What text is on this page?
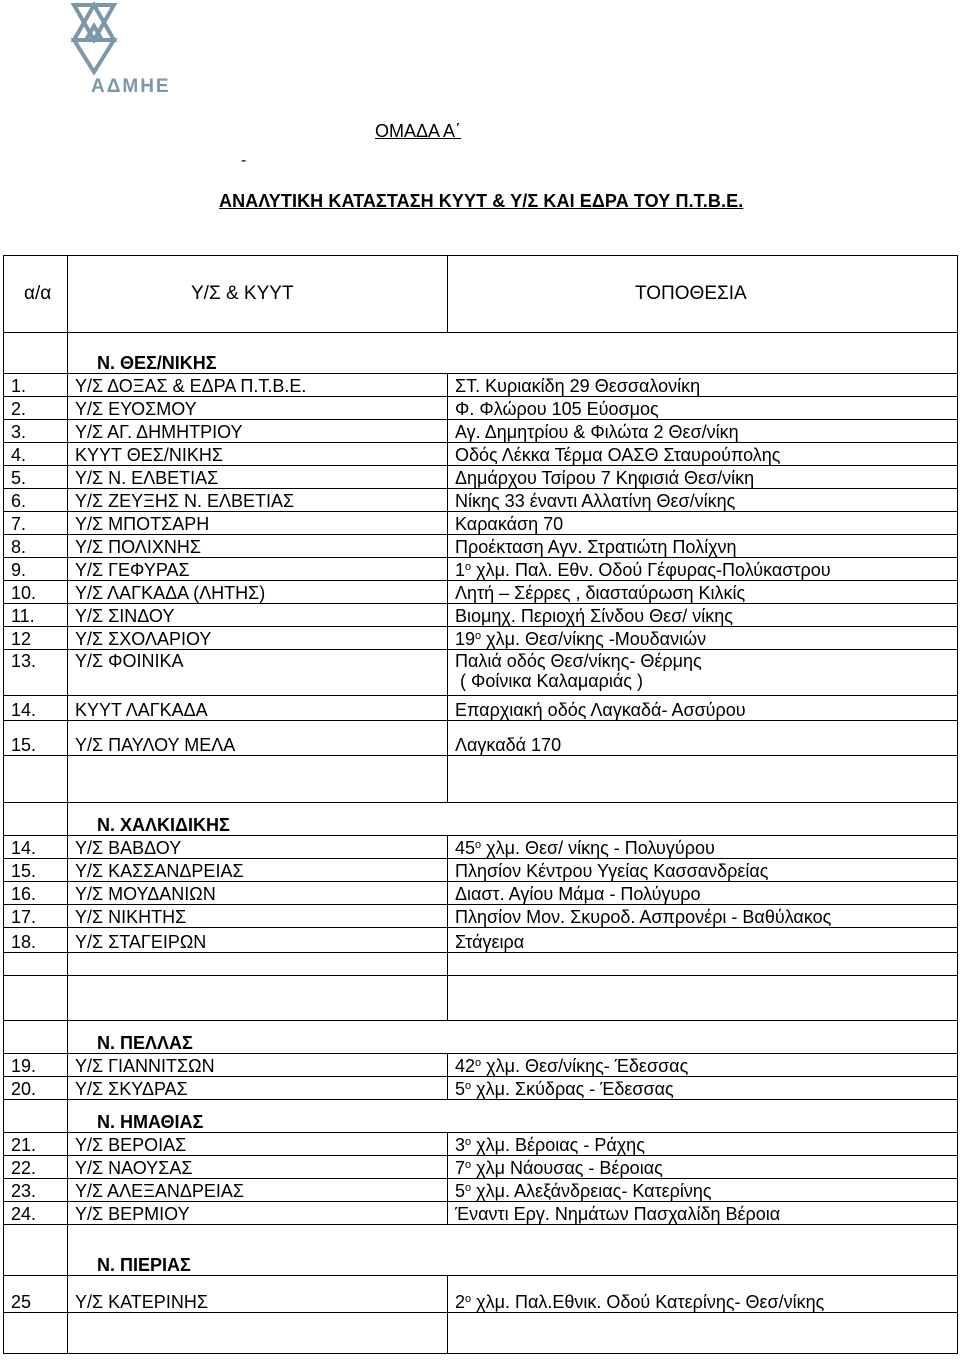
ΑΔΜΗΕ
ΟΜΑΔΑ Α΄
-
ΑΝΑΛΥΤΙΚΗ ΚΑΤΑΣΤΑΣΗ ΚΥΥΤ & Υ/Σ ΚΑΙ ΕΔΡΑ ΤΟΥ Π.Τ.Β.Ε.
α/α	Υ/Σ & ΚΥΥΤ	ΤΟΠΟΘΕΣΙΑ
	Ν. ΘΕΣ/ΝΙΚΗΣ	
1.	Υ/Σ ΔΟΞΑΣ & ΕΔΡΑ Π.Τ.Β.Ε.	ΣΤ. Κυριακίδη 29 Θεσσαλονίκη
2.	Υ/Σ ΕΥΟΣΜΟΥ	Φ. Φλώρου 105 Εύοσμος
3.	Υ/Σ ΑΓ. ΔΗΜΗΤΡΙΟΥ	Αγ. Δημητρίου & Φιλώτα 2 Θεσ/νίκη
4.	ΚΥΥΤ ΘΕΣ/ΝΙΚΗΣ	Οδός Λέκκα Τέρμα ΟΑΣΘ Σταυρούπολης
5.	Υ/Σ Ν. ΕΛΒΕΤΙΑΣ	Δημάρχου Τσίρου 7 Κηφισιά Θεσ/νίκη
6.	Υ/Σ ΖΕΥΞΗΣ Ν. ΕΛΒΕΤΙΑΣ	Νίκης 33 έναντι Αλλατίνη Θεσ/νίκης
7.	Υ/Σ ΜΠΟΤΣΑΡΗ	Καρακάση 70
8.	Υ/Σ ΠΟΛΙΧΝΗΣ	Προέκταση Αγν. Στρατιώτη Πολίχνη
9.	Υ/Σ ΓΕΦΥΡΑΣ	$1^o$ χλμ. Παλ. Εθν. Οδού Γέφυρας-Πολύκαστρου
10.	Υ/Σ ΛΑΓΚΑΔΑ (ΛΗΤΗΣ)	Λητή – Σέρρες , διασταύρωση Κιλκίς
11.	Υ/Σ ΣΙΝΔΟΥ	Βιομηχ. Περιοχή Σίνδου Θεσ/ νίκης
12	Υ/Σ ΣΧΟΛΑΡΙΟΥ	$19^o$ χλμ. Θεσ/νίκης -Μουδανιών
13.	Υ/Σ ΦΟΙΝΙΚΑ	Παλιά οδός Θεσ/νίκης- Θέρμης
( Φοίνικα Καλαμαριάς )

14.	ΚΥΥΤ ΛΑΓΚΑΔΑ	Επαρχιακή οδός Λαγκαδά- Ασσύρου
15.	Υ/Σ ΠΑΥΛΟΥ ΜΕΛΑ	Λαγκαδά 170

	Ν. ΧΑΛΚΙΔΙΚΗΣ	
14.	Υ/Σ ΒΑΒΔΟΥ	$45^o$ χλμ. Θεσ/ νίκης - Πολυγύρου
15.	Υ/Σ ΚΑΣΣΑΝΔΡΕΙΑΣ	Πλησίον Κέντρου Υγείας Κασσανδρείας
16.	Υ/Σ ΜΟΥΔΑΝΙΩΝ	Διαστ. Αγίου Μάμα - Πολύγυρο
17.	Υ/Σ ΝΙΚΗΤΗΣ	Πλησίον Μον. Σκυροδ. Ασπρονέρι - Βαθύλακος
18.	Υ/Σ ΣΤΑΓΕΙΡΩΝ	Στάγειρα

	Ν. ΠΕΛΛΑΣ	
19.	Υ/Σ ΓΙΑΝΝΙΤΣΩΝ	$42^o$ χλμ. Θεσ/νίκης- Έδεσσας
20.	Υ/Σ ΣΚΥΔΡΑΣ	$5^o$ χλμ. Σκύδρας - Έδεσσας
	Ν. ΗΜΑΘΙΑΣ	
21.	Υ/Σ ΒΕΡΟΙΑΣ	$3^o$ χλμ. Βέροιας - Ράχης
22.	Υ/Σ ΝΑΟΥΣΑΣ	$7^o$ χλμ Νάουσας - Βέροιας
23.	Υ/Σ ΑΛΕΞΑΝΔΡΕΙΑΣ	$5^o$ χλμ. Αλεξάνδρειας- Κατερίνης
24.	Υ/Σ ΒΕΡΜΙΟΥ	Έναντι Εργ. Νημάτων Πασχαλίδη Βέροια
	Ν. ΠΙΕΡΙΑΣ	
25	Υ/Σ ΚΑΤΕΡΙΝΗΣ	$2^o$ χλμ. Παλ.Εθνικ. Οδού Κατερίνης- Θεσ/νίκης
